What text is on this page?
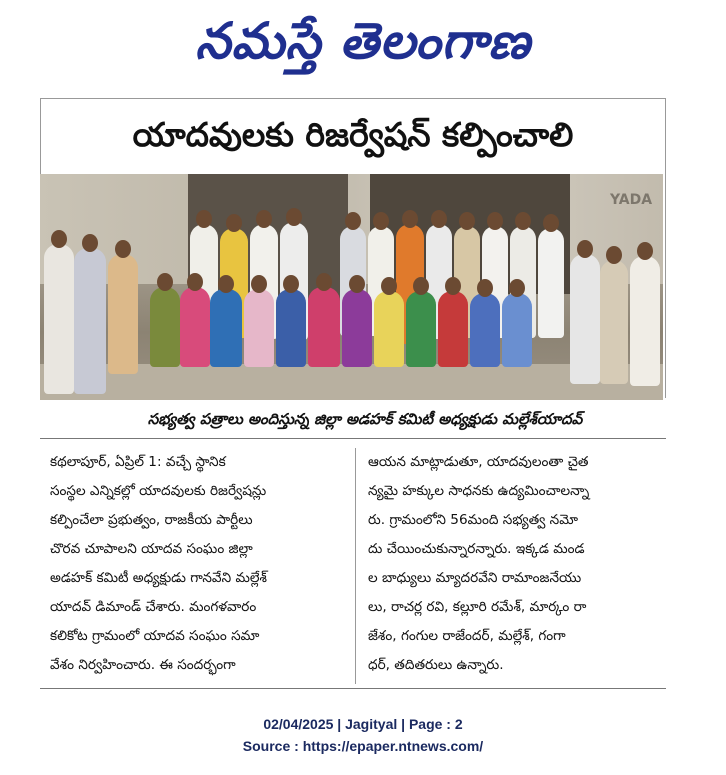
నమస్తే తెలంగాణ
యాదవులకు రిజర్వేషన్ కల్పించాలి
YADA
సభ్యత్వ పత్రాలు అందిస్తున్న జిల్లా అడహక్ కమిటీ అధ్యక్షుడు మల్లేశ్‌యాదవ్
కథలాపూర్, ఏప్రిల్ 1: వచ్చే స్థానిక
సంస్థల ఎన్నికల్లో యాదవులకు రిజర్వేషన్లు
కల్పించేలా ప్రభుత్వం, రాజకీయ పార్టీలు
చొరవ చూపాలని యాదవ సంఘం జిల్లా
అడహక్ కమిటీ అధ్యక్షుడు గానవేని మల్లేశ్
యాదవ్ డిమాండ్ చేశారు. మంగళవారం
కలికోట గ్రామంలో యాదవ సంఘం సమా
వేశం నిర్వహించారు. ఈ సందర్భంగా
ఆయన మాట్లాడుతూ, యాదవులంతా చైత
న్యమై హక్కుల సాధనకు ఉద్యమించాలన్నా
రు. గ్రామంలోని 56మంది సభ్యత్వ నమో
దు చేయించుకున్నారన్నారు. ఇక్కడ మండ
ల బాధ్యులు మ్యాదరవేని రామాంజనేయు
లు, రాచర్ల రవి, కల్లూరి రమేశ్, మార్కం రా
జేశం, గంగుల రాజేందర్, మల్లేశ్, గంగా
ధర్, తదితరులు ఉన్నారు.
02/04/2025 | Jagityal | Page : 2
Source : https://epaper.ntnews.com/
